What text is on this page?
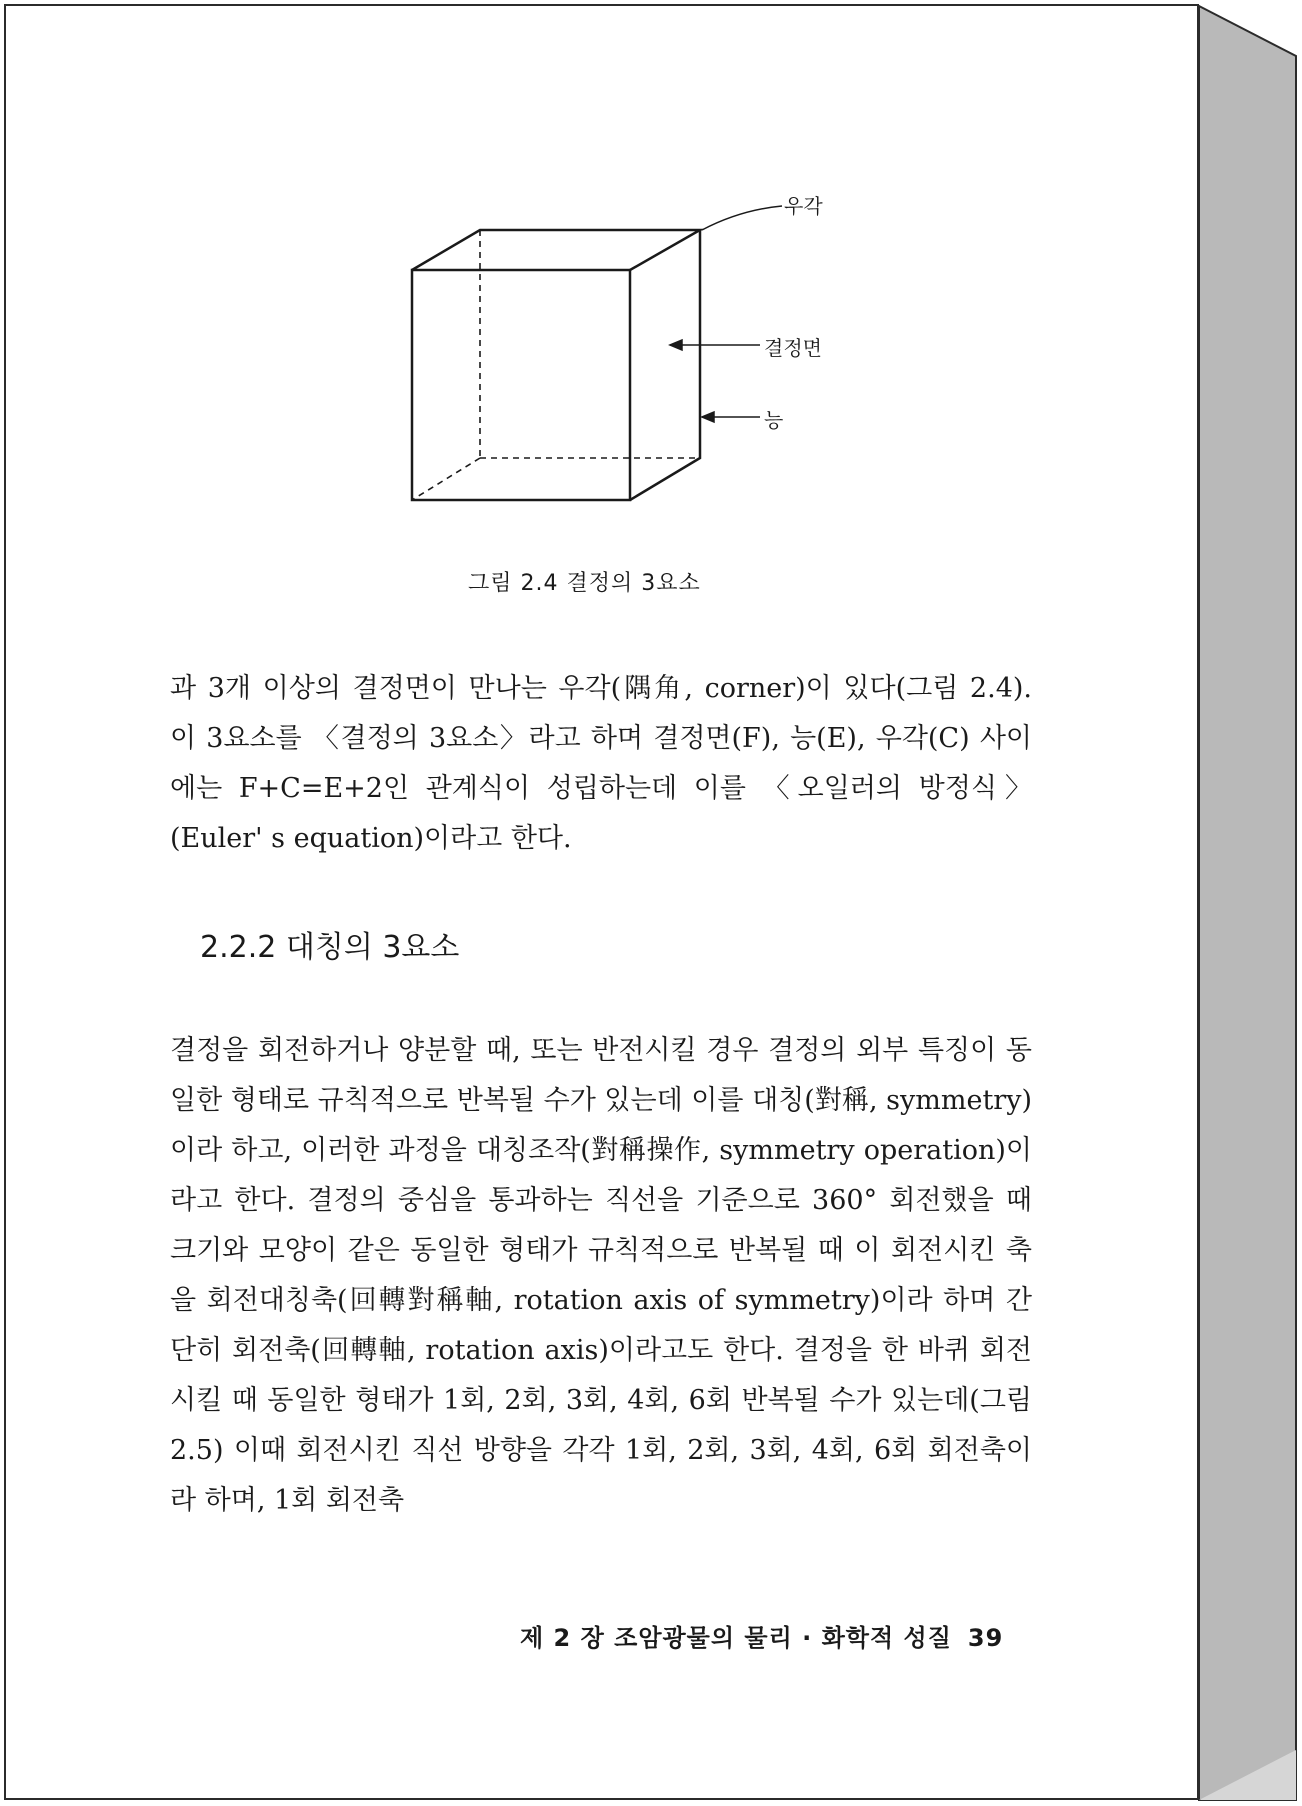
우각
결정면
능
그림 2.4 결정의 3요소

과 3개 이상의 결정면이 만나는 우각(隅角, corner)이 있다(그림 2.4). 이 3요소를 〈결정의 3요소〉라고 하며 결정면(F), 능(E), 우각(C) 사이에는 F+C=E+2인 관계식이 성립하는데 이를 〈오일러의 방정식〉(Euler' s equation)이라고 한다.

2.2.2 대칭의 3요소

결정을 회전하거나 양분할 때, 또는 반전시킬 경우 결정의 외부 특징이 동일한 형태로 규칙적으로 반복될 수가 있는데 이를 대칭(對稱, symmetry)이라 하고, 이러한 과정을 대칭조작(對稱操作, symmetry operation)이라고 한다. 결정의 중심을 통과하는 직선을 기준으로 360° 회전했을 때 크기와 모양이 같은 동일한 형태가 규칙적으로 반복될 때 이 회전시킨 축을 회전대칭축(回轉對稱軸, rotation axis of symmetry)이라 하며 간단히 회전축(回轉軸, rotation axis)이라고도 한다. 결정을 한 바퀴 회전시킬 때 동일한 형태가 1회, 2회, 3회, 4회, 6회 반복될 수가 있는데(그림 2.5) 이때 회전시킨 직선 방향을 각각 1회, 2회, 3회, 4회, 6회 회전축이라 하며, 1회 회전축

제 2 장 조암광물의 물리 · 화학적 성질 39
